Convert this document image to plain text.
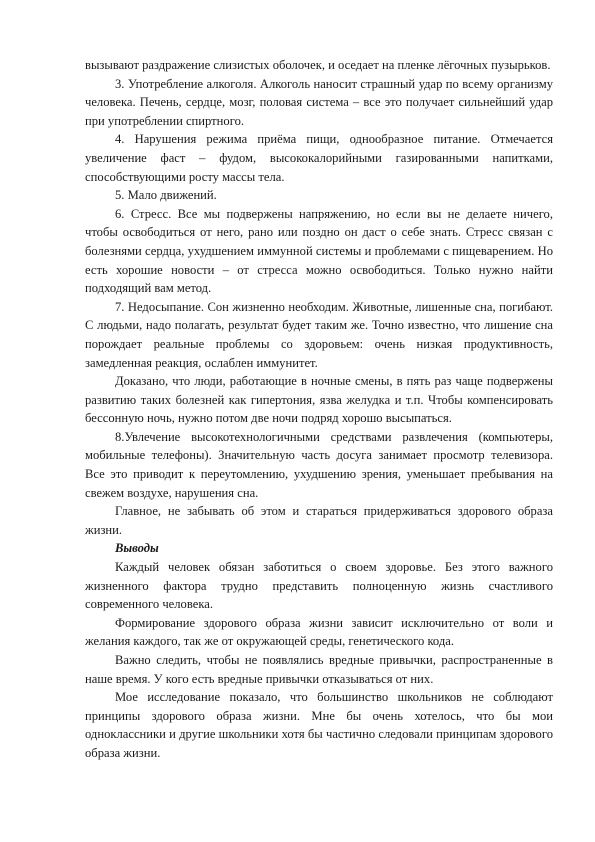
вызывают раздражение слизистых оболочек, и оседает на пленке лёгочных пузырьков.

3. Употребление алкоголя. Алкоголь наносит страшный удар по всему организму человека. Печень, сердце, мозг, половая система – все это получает сильнейший удар при употреблении спиртного.

4. Нарушения режима приёма пищи, однообразное питание. Отмечается увеличение фаст – фудом, высококалорийными газированными напитками, способствующими росту массы тела.

5. Мало движений.

6. Стресс. Все мы подвержены напряжению, но если вы не делаете ничего, чтобы освободиться от него, рано или поздно он даст о себе знать. Стресс связан с болезнями сердца, ухудшением иммунной системы и проблемами с пищеварением. Но есть хорошие новости – от стресса можно освободиться. Только нужно найти подходящий вам метод.

7. Недосыпание. Сон жизненно необходим. Животные, лишенные сна, погибают. С людьми, надо полагать, результат будет таким же. Точно известно, что лишение сна порождает реальные проблемы со здоровьем: очень низкая продуктивность, замедленная реакция, ослаблен иммунитет.

Доказано, что люди, работающие в ночные смены, в пять раз чаще подвержены развитию таких болезней как гипертония, язва желудка и т.п. Чтобы компенсировать бессонную ночь, нужно потом две ночи подряд хорошо высыпаться.

8.Увлечение высокотехнологичными средствами развлечения (компьютеры, мобильные телефоны). Значительную часть досуга занимает просмотр телевизора. Все это приводит к переутомлению, ухудшению зрения, уменьшает пребывания на свежем воздухе, нарушения сна.

Главное, не забывать об этом и стараться придерживаться здорового образа жизни.

Выводы

Каждый человек обязан заботиться о своем здоровье. Без этого важного жизненного фактора трудно представить полноценную жизнь счастливого современного человека.

Формирование здорового образа жизни зависит исключительно от воли и желания каждого, так же от окружающей среды, генетического кода.

Важно следить, чтобы не появлялись вредные привычки, распространенные в наше время. У кого есть вредные привычки отказываться от них.

Мое исследование показало, что большинство школьников не соблюдают принципы здорового образа жизни. Мне бы очень хотелось, что бы мои одноклассники и другие школьники хотя бы частично следовали принципам здорового образа жизни.
